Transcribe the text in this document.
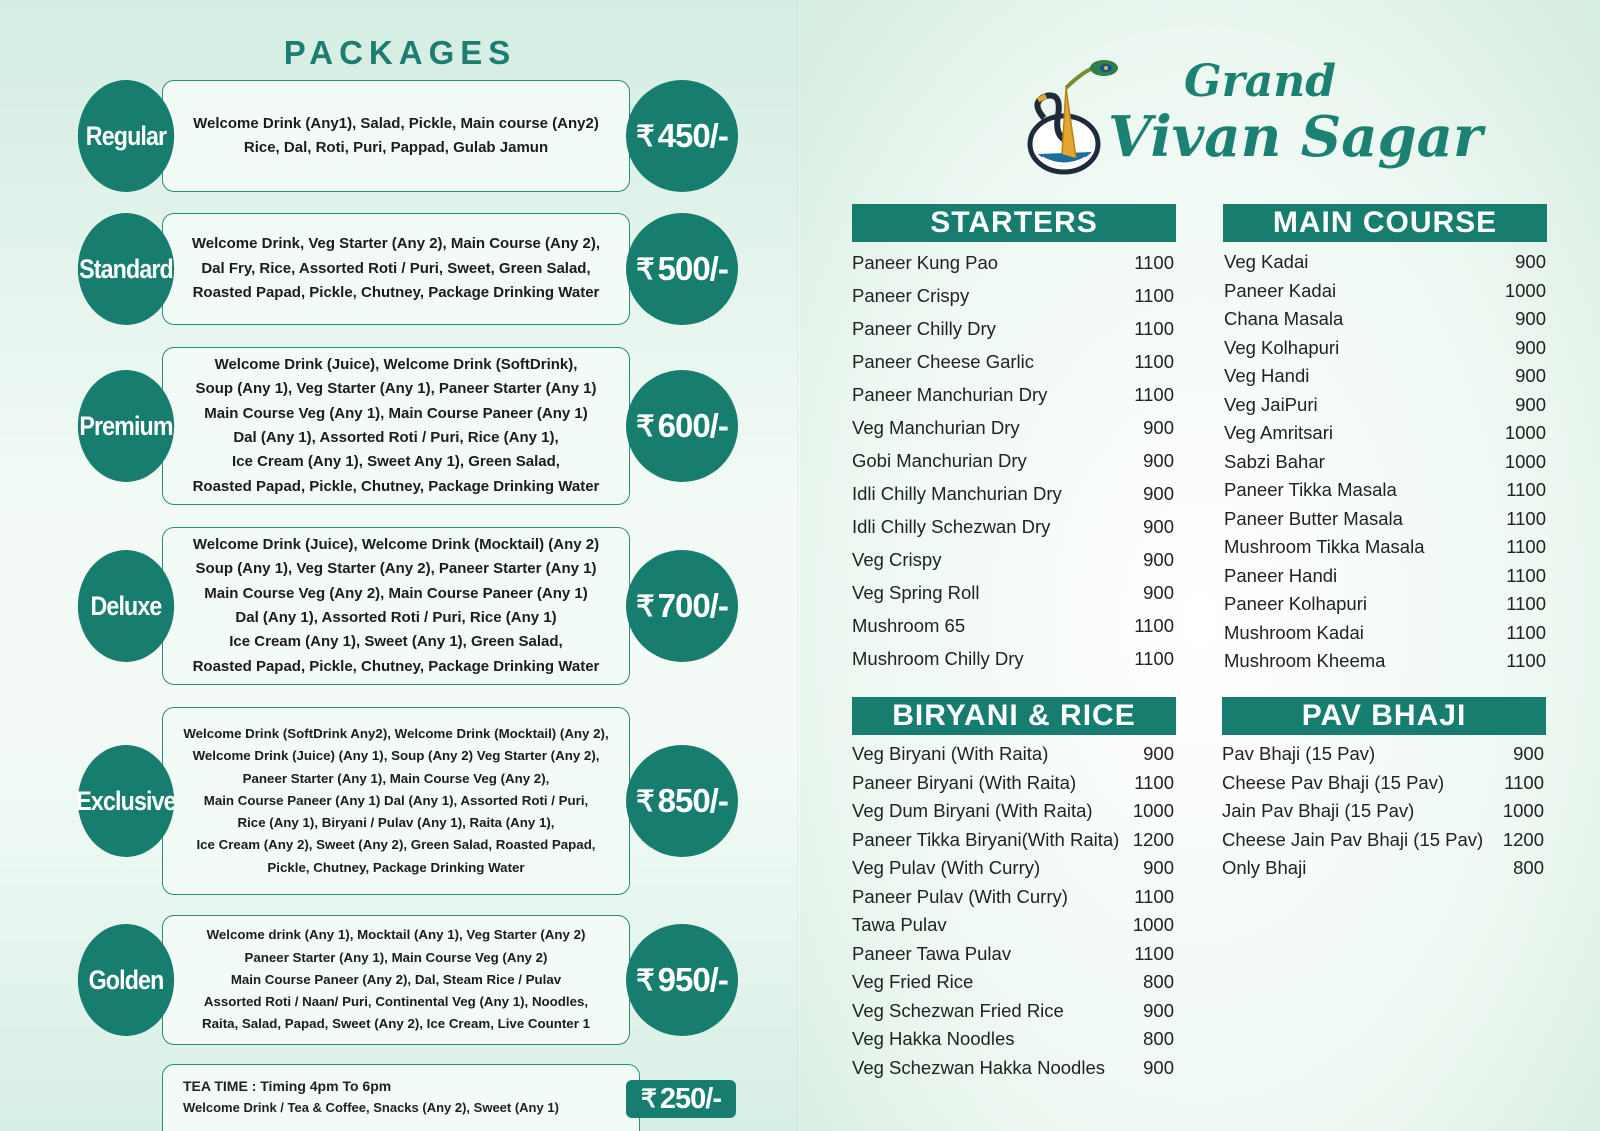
PACKAGES
Welcome Drink (Any1), Salad, Pickle, Main course (Any2)
Rice, Dal, Roti, Puri, Pappad, Gulab Jamun
Regular	₹ 450/-
Welcome Drink, Veg Starter (Any 2), Main Course (Any 2),
Dal Fry, Rice, Assorted Roti / Puri, Sweet, Green Salad,
Roasted Papad, Pickle, Chutney, Package Drinking Water
Standard	₹ 500/-
Welcome Drink (Juice), Welcome Drink (SoftDrink),
Soup (Any 1), Veg Starter (Any 1), Paneer Starter (Any 1)
Main Course Veg (Any 1), Main Course Paneer (Any 1)
Dal (Any 1), Assorted Roti / Puri, Rice (Any 1),
Ice Cream (Any 1), Sweet Any 1), Green Salad,
Roasted Papad, Pickle, Chutney, Package Drinking Water
Premium	₹ 600/-
Welcome Drink (Juice), Welcome Drink (Mocktail) (Any 2)
Soup (Any 1), Veg Starter (Any 2), Paneer Starter (Any 1)
Main Course Veg (Any 2), Main Course Paneer (Any 1)
Dal (Any 1), Assorted Roti / Puri, Rice (Any 1)
Ice Cream (Any 1), Sweet (Any 1), Green Salad,
Roasted Papad, Pickle, Chutney, Package Drinking Water
Deluxe	₹ 700/-
Welcome Drink (SoftDrink Any2), Welcome Drink (Mocktail) (Any 2),
Welcome Drink (Juice) (Any 1), Soup (Any 2) Veg Starter (Any 2),
Paneer Starter (Any 1), Main Course Veg (Any 2),
Main Course Paneer (Any 1) Dal (Any 1), Assorted Roti / Puri,
Rice (Any 1), Biryani / Pulav (Any 1), Raita (Any 1),
Ice Cream (Any 2), Sweet (Any 2), Green Salad, Roasted Papad,
Pickle, Chutney, Package Drinking Water
Exclusive	₹ 850/-
Welcome drink (Any 1), Mocktail (Any 1), Veg Starter (Any 2)
Paneer Starter (Any 1), Main Course Veg (Any 2)
Main Course Paneer (Any 2), Dal, Steam Rice / Pulav
Assorted Roti / Naan/ Puri, Continental Veg (Any 1), Noodles,
Raita, Salad, Papad, Sweet (Any 2), Ice Cream, Live Counter 1
Golden	₹ 950/-
TEA TIME : Timing 4pm To 6pm
Welcome Drink / Tea & Coffee, Snacks (Any 2), Sweet (Any 1)	₹ 250/-
Grand
Vivan Sagar
STARTERS
Paneer Kung Pao	1100
Paneer Crispy	1100
Paneer Chilly Dry	1100
Paneer Cheese Garlic	1100
Paneer Manchurian Dry	1100
Veg Manchurian Dry	900
Gobi Manchurian Dry	900
Idli Chilly Manchurian Dry	900
Idli Chilly Schezwan Dry	900
Veg Crispy	900
Veg Spring Roll	900
Mushroom 65	1100
Mushroom Chilly Dry	1100
MAIN COURSE
Veg Kadai	900
Paneer Kadai	1000
Chana Masala	900
Veg Kolhapuri	900
Veg Handi	900
Veg JaiPuri	900
Veg Amritsari	1000
Sabzi Bahar	1000
Paneer Tikka Masala	1100
Paneer Butter Masala	1100
Mushroom Tikka Masala	1100
Paneer Handi	1100
Paneer Kolhapuri	1100
Mushroom Kadai	1100
Mushroom Kheema	1100
BIRYANI & RICE
Veg Biryani (With Raita)	900
Paneer Biryani (With Raita)	1100
Veg Dum Biryani (With Raita) 1000
Paneer Tikka Biryani(With Raita) 1200
Veg Pulav (With Curry)	900
Paneer Pulav (With Curry)	1100
Tawa Pulav	1000
Paneer Tawa Pulav	1100
Veg Fried Rice	800
Veg Schezwan Fried Rice	900
Veg Hakka Noodles	800
Veg Schezwan Hakka Noodles 900
PAV BHAJI
Pav Bhaji (15 Pav)	900
Cheese Pav Bhaji (15 Pav)	1100
Jain Pav Bhaji (15 Pav)	1000
Cheese Jain Pav Bhaji (15 Pav) 1200
Only Bhaji	800
